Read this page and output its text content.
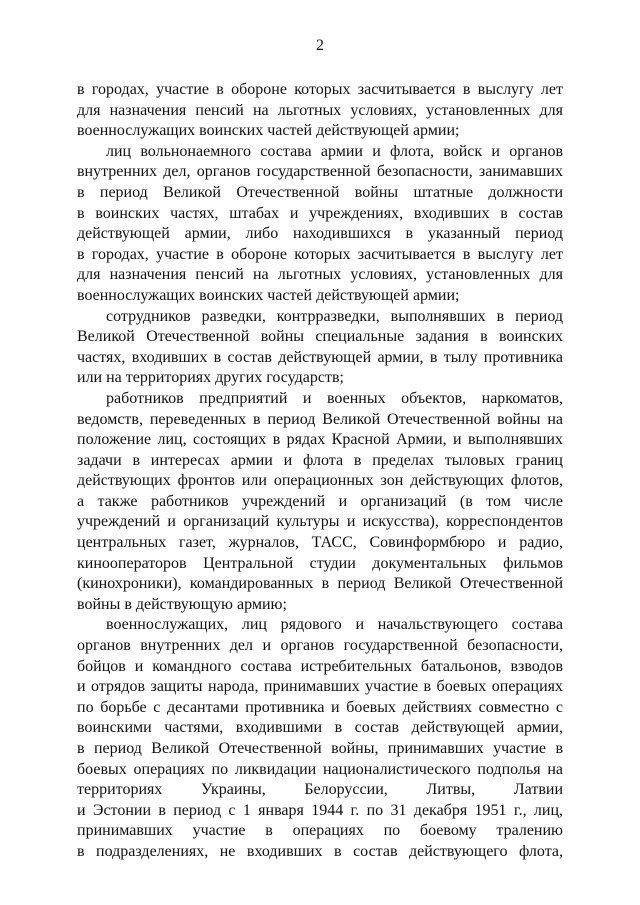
2
в городах, участие в обороне которых засчитывается в выслугу лет
для назначения пенсий на льготных условиях, установленных для
военнослужащих воинских частей действующей армии;
лиц вольнонаемного состава армии и флота, войск и органов
внутренних дел, органов государственной безопасности, занимавших
в период Великой Отечественной войны штатные должности
в воинских частях, штабах и учреждениях, входивших в состав
действующей армии, либо находившихся в указанный период
в городах, участие в обороне которых засчитывается в выслугу лет
для назначения пенсий на льготных условиях, установленных для
военнослужащих воинских частей действующей армии;
сотрудников разведки, контрразведки, выполнявших в период
Великой Отечественной войны специальные задания в воинских
частях, входивших в состав действующей армии, в тылу противника
или на территориях других государств;
работников предприятий и военных объектов, наркоматов,
ведомств, переведенных в период Великой Отечественной войны на
положение лиц, состоящих в рядах Красной Армии, и выполнявших
задачи в интересах армии и флота в пределах тыловых границ
действующих фронтов или операционных зон действующих флотов,
а также работников учреждений и организаций (в том числе
учреждений и организаций культуры и искусства), корреспондентов
центральных газет, журналов, ТАСС, Совинформбюро и радио,
кинооператоров Центральной студии документальных фильмов
(кинохроники), командированных в период Великой Отечественной
войны в действующую армию;
военнослужащих, лиц рядового и начальствующего состава
органов внутренних дел и органов государственной безопасности,
бойцов и командного состава истребительных батальонов, взводов
и отрядов защиты народа, принимавших участие в боевых операциях
по борьбе с десантами противника и боевых действиях совместно с
воинскими частями, входившими в состав действующей армии,
в период Великой Отечественной войны, принимавших участие в
боевых операциях по ликвидации националистического подполья на
территориях Украины, Белоруссии, Литвы, Латвии
и Эстонии в период с 1 января 1944 г. по 31 декабря 1951 г., лиц,
принимавших участие в операциях по боевому тралению
в подразделениях, не входивших в состав действующего флота,
